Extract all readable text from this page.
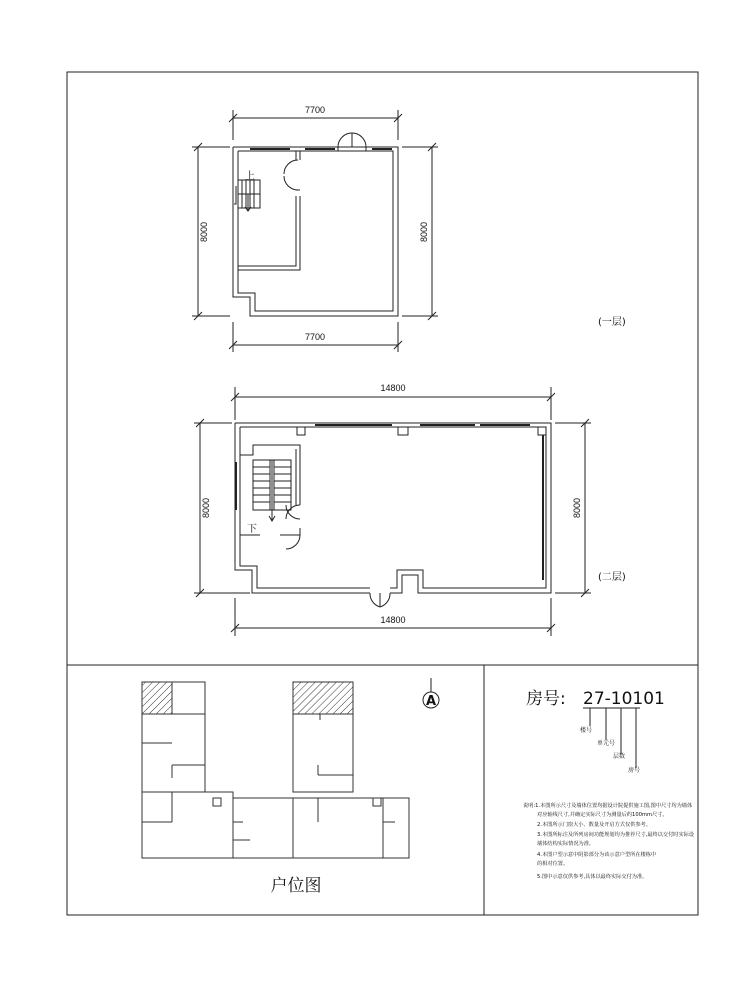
7700
7700
8000	8000
上
(一层)
14800
14800
8000	8000
下
(二层)
A
户位图
房号: 27-10101
楼号
单元号
层数
房号
说明:1.本图所示尺寸及墙体位置均据设计院提供施工图,图中尺寸均为墙体
对应轴线尺寸,并确定实际尺寸为测量后约100mm尺寸。
2.本图所示门窗大小、数量及开启方式仅供参考。
3.本图所标注及所列房间功能规划均为推荐尺寸,最终以交付时实际设
墙体结构实际情况为准。
4.本图户型示意中阴影部分为该示意户型所在楼栋中
的相对位置。
5.图中示意仅供参考,具体以最终实际交付为准。
